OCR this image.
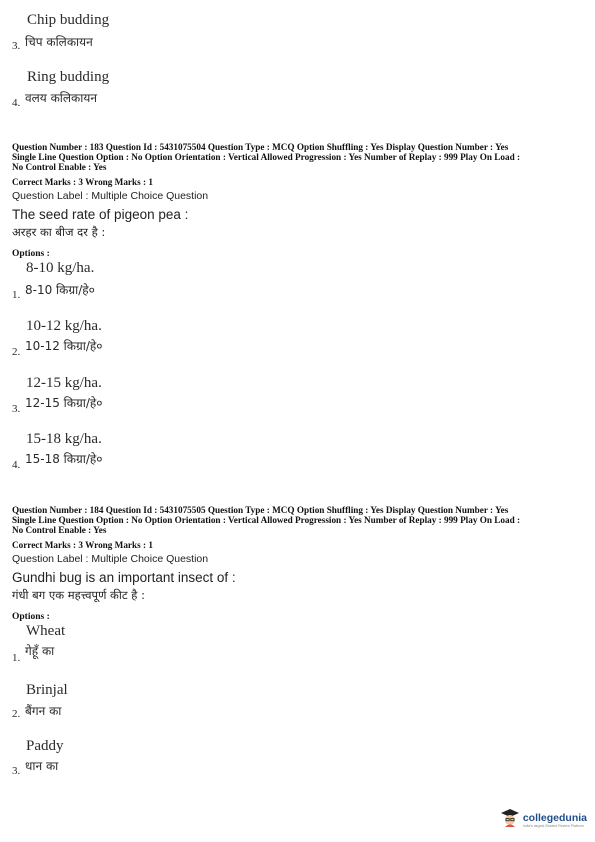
Chip budding
3. चिप कलिकायन
Ring budding
4. वलय कलिकायन
Question Number : 183 Question Id : 5431075504 Question Type : MCQ Option Shuffling : Yes Display Question Number : Yes
Single Line Question Option : No Option Orientation : Vertical Allowed Progression : Yes Number of Replay : 999 Play On Load :
No Control Enable : Yes
Correct Marks : 3 Wrong Marks : 1
Question Label : Multiple Choice Question
The seed rate of pigeon pea :
अरहर का बीज दर है :
Options :
8-10 kg/ha.
1. 8-10 किग्रा/हे०
10-12 kg/ha.
2. 10-12 किग्रा/हे०
12-15 kg/ha.
3. 12-15 किग्रा/हे०
15-18 kg/ha.
4. 15-18 किग्रा/हे०
Question Number : 184 Question Id : 5431075505 Question Type : MCQ Option Shuffling : Yes Display Question Number : Yes
Single Line Question Option : No Option Orientation : Vertical Allowed Progression : Yes Number of Replay : 999 Play On Load :
No Control Enable : Yes
Correct Marks : 3 Wrong Marks : 1
Question Label : Multiple Choice Question
Gundhi bug is an important insect of :
गंधी बग एक महत्त्वपूर्ण कीट है :
Options :
Wheat
1. गेहूँ का
Brinjal
2. बैंगन का
Paddy
3. धान का
collegedunia
India's largest Student Review Platform
